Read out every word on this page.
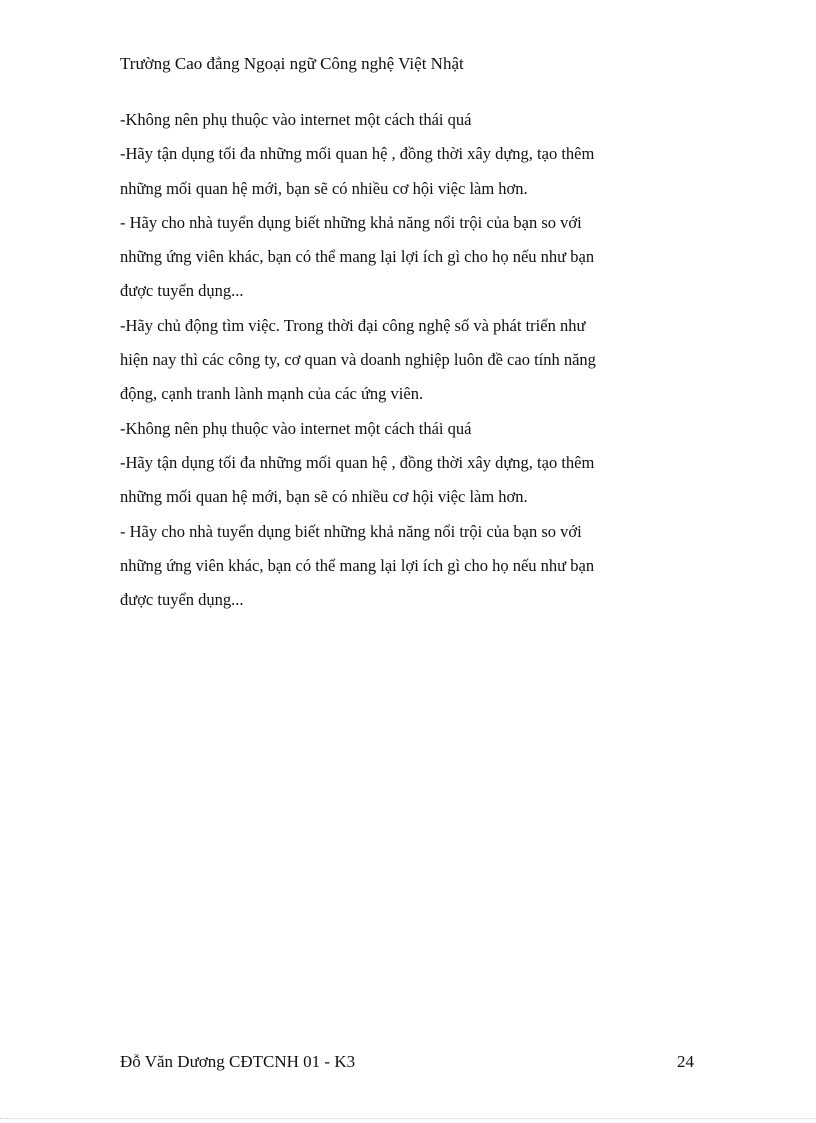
Trường Cao đẳng Ngoại ngữ Công nghệ Việt Nhật
-Không nên phụ thuộc vào internet một cách thái quá
-Hãy tận dụng tối đa những mối quan hệ , đồng thời xây dựng, tạo thêm
những mối quan hệ mới, bạn sẽ có nhiều cơ hội việc làm hơn.
- Hãy cho nhà tuyển dụng biết những khả năng nổi trội của bạn so với
những ứng viên khác, bạn có thể mang lại lợi ích gì cho họ nếu như bạn
được tuyển dụng...
-Hãy chủ động tìm việc. Trong thời đại công nghệ số và phát triển như
hiện nay thì các công ty, cơ quan và doanh nghiệp luôn đề cao tính năng
động, cạnh tranh lành mạnh của các ứng viên.
-Không nên phụ thuộc vào internet một cách thái quá
-Hãy tận dụng tối đa những mối quan hệ , đồng thời xây dựng, tạo thêm
những mối quan hệ mới, bạn sẽ có nhiều cơ hội việc làm hơn.
- Hãy cho nhà tuyển dụng biết những khả năng nổi trội của bạn so với
những ứng viên khác, bạn có thể mang lại lợi ích gì cho họ nếu như bạn
được tuyển dụng...
Đỗ Văn Dương CĐTCNH 01 - K3	24
